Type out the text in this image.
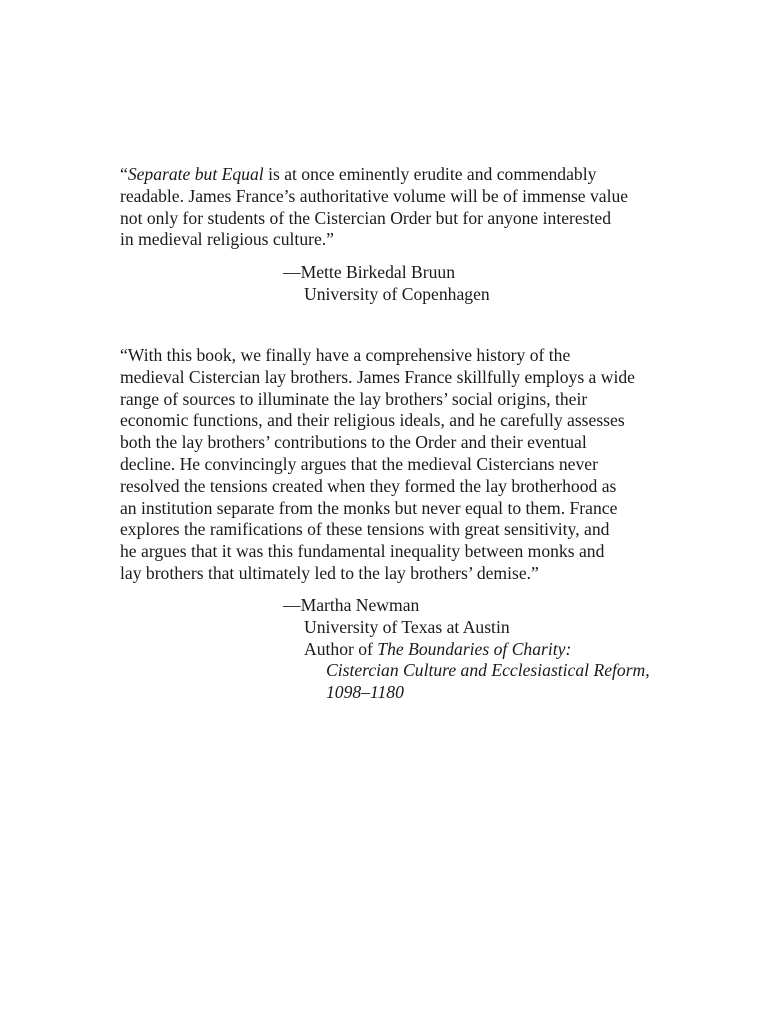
“Separate but Equal is at once eminently erudite and commendably
readable. James France’s authoritative volume will be of immense value
not only for students of the Cistercian Order but for anyone interested
in medieval religious culture.”
—Mette Birkedal Bruun
University of Copenhagen
“With this book, we finally have a comprehensive history of the
medieval Cistercian lay brothers. James France skillfully employs a wide
range of sources to illuminate the lay brothers’ social origins, their
economic functions, and their religious ideals, and he carefully assesses
both the lay brothers’ contributions to the Order and their eventual
decline. He convincingly argues that the medieval Cistercians never
resolved the tensions created when they formed the lay brotherhood as
an institution separate from the monks but never equal to them. France
explores the ramifications of these tensions with great sensitivity, and
he argues that it was this fundamental inequality between monks and
lay brothers that ultimately led to the lay brothers’ demise.”
—Martha Newman
University of Texas at Austin
Author of The Boundaries of Charity:
Cistercian Culture and Ecclesiastical Reform,
1098–1180
